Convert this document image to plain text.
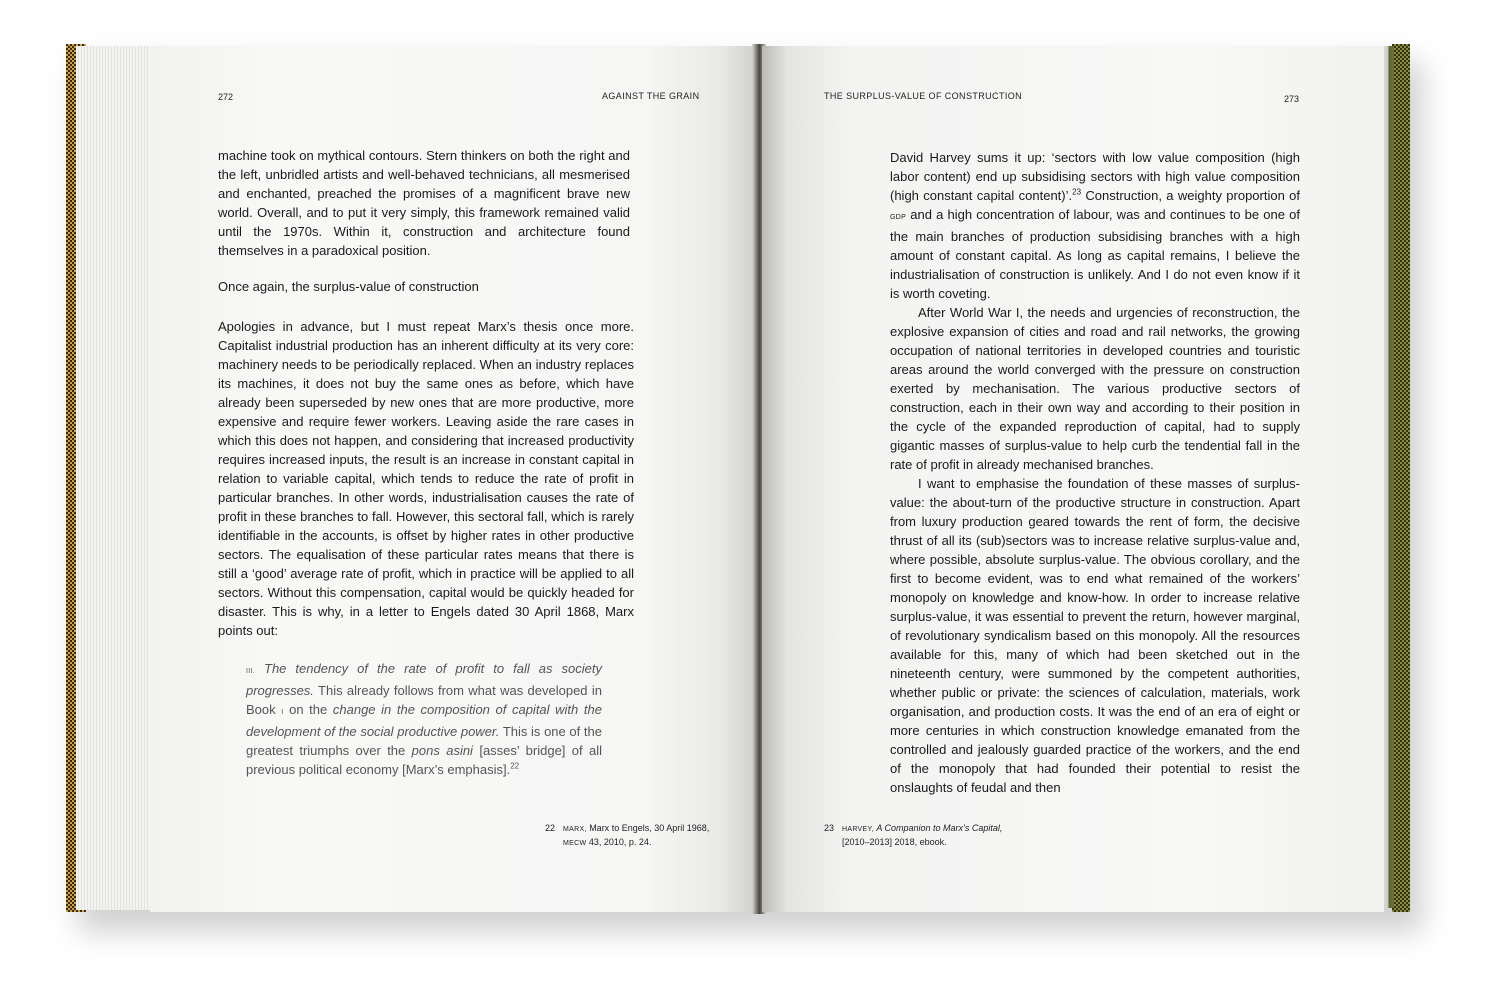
272	AGAINST THE GRAIN

machine took on mythical contours. Stern thinkers on both the right and the left, unbridled artists and well-behaved technicians, all mesmerised and enchanted, preached the promises of a magnificent brave new world. Overall, and to put it very simply, this framework remained valid until the 1970s. Within it, construction and architecture found themselves in a paradoxical position.

Once again, the surplus-value of construction

Apologies in advance, but I must repeat Marx’s thesis once more. Capitalist industrial production has an inherent difficulty at its very core: machinery needs to be periodically replaced. When an industry replaces its machines, it does not buy the same ones as before, which have already been superseded by new ones that are more productive, more expensive and require fewer workers. Leaving aside the rare cases in which this does not happen, and considering that increased productivity requires increased inputs, the result is an increase in constant capital in relation to variable capital, which tends to reduce the rate of profit in particular branches. In other words, industrialisation causes the rate of profit in these branches to fall. However, this sectoral fall, which is rarely identifiable in the accounts, is offset by higher rates in other productive sectors. The equalisation of these particular rates means that there is still a ‘good’ average rate of profit, which in practice will be applied to all sectors. Without this compensation, capital would be quickly headed for disaster. This is why, in a letter to Engels dated 30 April 1868, Marx points out:

III. The tendency of the rate of profit to fall as society progresses. This already follows from what was developed in Book I on the change in the composition of capital with the development of the social productive power. This is one of the greatest triumphs over the pons asini [asses’ bridge] of all previous political economy [Marx’s emphasis].$^{22}$
22 MARX, Marx to Engels, 30 April 1968,
MECW 43, 2010, p. 24.
THE SURPLUS-VALUE OF CONSTRUCTION	273

David Harvey sums it up: ‘sectors with low value composition (high labor content) end up subsidising sectors with high value composition (high constant capital content)’.$^{23}$ Construction, a weighty proportion of GDP and a high concentration of labour, was and continues to be one of the main branches of production subsidising branches with a high amount of constant capital. As long as capital remains, I believe the industrialisation of construction is unlikely. And I do not even know if it is worth coveting.

After World War I, the needs and urgencies of reconstruction, the explosive expansion of cities and road and rail networks, the growing occupation of national territories in developed countries and touristic areas around the world converged with the pressure on construction exerted by mechanisation. The various productive sectors of construction, each in their own way and according to their position in the cycle of the expanded reproduction of capital, had to supply gigantic masses of surplus-value to help curb the tendential fall in the rate of profit in already mechanised branches.

I want to emphasise the foundation of these masses of surplus-value: the about-turn of the productive structure in construction. Apart from luxury production geared towards the rent of form, the decisive thrust of all its (sub)sectors was to increase relative surplus-value and, where possible, absolute surplus-value. The obvious corollary, and the first to become evident, was to end what remained of the workers’ monopoly on knowledge and know-how. In order to increase relative surplus-value, it was essential to prevent the return, however marginal, of revolutionary syndicalism based on this monopoly. All the resources available for this, many of which had been sketched out in the nineteenth century, were summoned by the competent authorities, whether public or private: the sciences of calculation, materials, work organisation, and production costs. It was the end of an era of eight or more centuries in which construction knowledge emanated from the controlled and jealously guarded practice of the workers, and the end of the monopoly that had founded their potential to resist the onslaughts of feudal and then

23 HARVEY, A Companion to Marx’s Capital,
[2010–2013] 2018, ebook.
